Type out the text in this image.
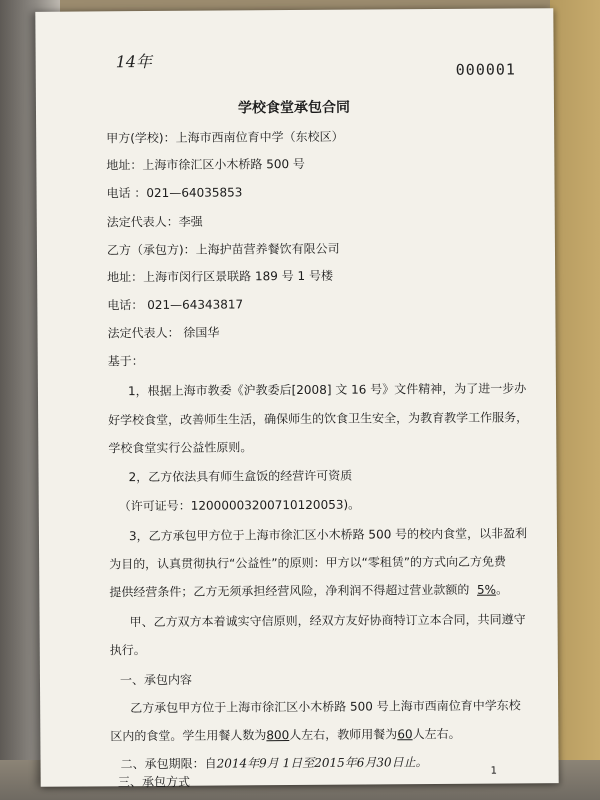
14年	000001
学校食堂承包合同
甲方(学校)：上海市西南位育中学（东校区）
地址：上海市徐汇区小木桥路 500 号
电话 ：021—64035853
法定代表人：李强
乙方（承包方)：上海护苗营养餐饮有限公司
地址：上海市闵行区景联路 189 号 1 号楼
电话： 021—64343817
法定代表人： 徐国华
基于：
1，根据上海市教委《沪教委后[2008] 文 16 号》文件精神，为了进一步办
好学校食堂，改善师生生活，确保师生的饮食卫生安全，为教育教学工作服务，
学校食堂实行公益性原则。
2，乙方依法具有师生盒饭的经营许可资质
（许可证号：12000003200710120053)。
3，乙方承包甲方位于上海市徐汇区小木桥路 500 号的校内食堂，以非盈利
为目的，认真贯彻执行“公益性”的原则：甲方以“零租赁”的方式向乙方免费
提供经营条件；乙方无须承担经营风险，净利润不得超过营业款额的 5%。
甲、乙方双方本着诚实守信原则，经双方友好协商特订立本合同，共同遵守
执行。
一、承包内容
乙方承包甲方位于上海市徐汇区小木桥路 500 号上海市西南位育中学东校
区内的食堂。学生用餐人数为800人左右，教师用餐为60人左右。
二、承包期限：自2014年9月 1日至2015年6月30日止。
1
三、承包方式
